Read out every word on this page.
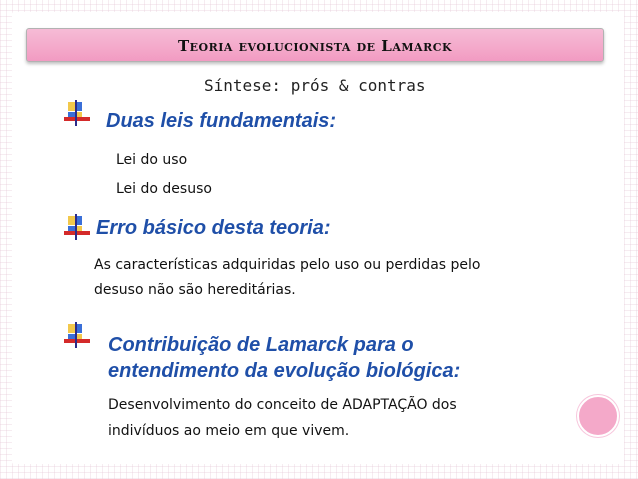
Teoria evolucionista de Lamarck
Síntese: prós & contras
Duas leis fundamentais:
Lei do uso
Lei do desuso
Erro básico desta teoria:
As características adquiridas pelo uso ou perdidas pelo
desuso não são hereditárias.
Contribuição de Lamarck para o
entendimento da evolução biológica:
Desenvolvimento do conceito de ADAPTAÇÃO dos
indivíduos ao meio em que vivem.
